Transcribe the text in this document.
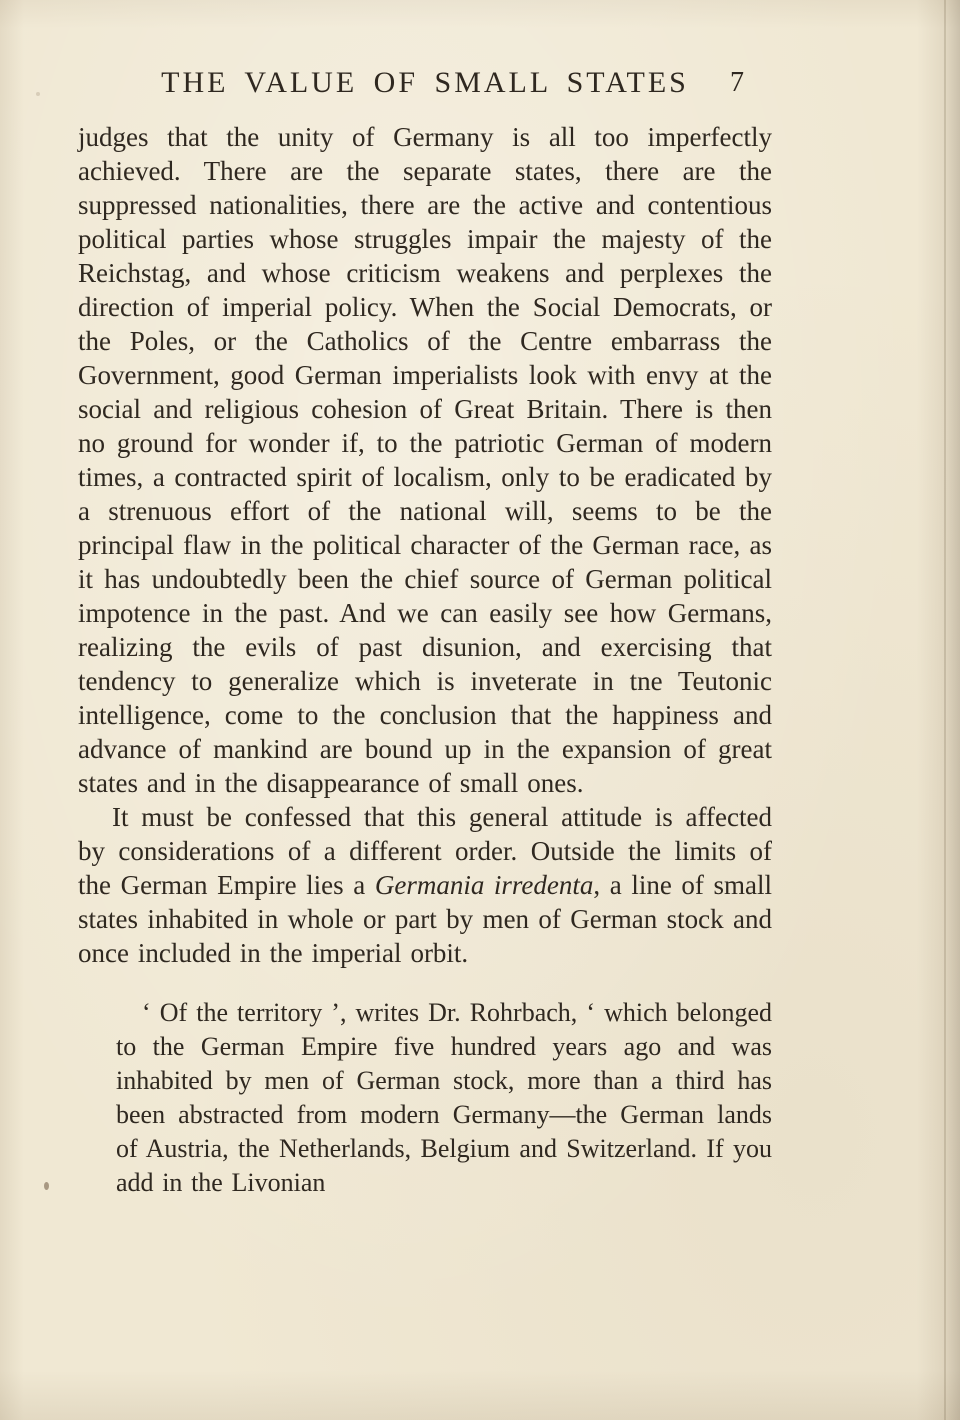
THE VALUE OF SMALL STATES	7

judges that the unity of Germany is all too imperfectly achieved. There are the separate states, there are the suppressed nationalities, there are the active and contentious political parties whose struggles impair the majesty of the Reichstag, and whose criticism weakens and perplexes the direction of imperial policy. When the Social Democrats, or the Poles, or the Catholics of the Centre embarrass the Government, good German imperialists look with envy at the social and religious cohesion of Great Britain. There is then no ground for wonder if, to the patriotic German of modern times, a contracted spirit of localism, only to be eradicated by a strenuous effort of the national will, seems to be the principal flaw in the political character of the German race, as it has undoubtedly been the chief source of German political impotence in the past. And we can easily see how Germans, realizing the evils of past disunion, and exercising that tendency to generalize which is inveterate in tne Teutonic intelligence, come to the conclusion that the happiness and advance of mankind are bound up in the expansion of great states and in the disappearance of small ones.

It must be confessed that this general attitude is affected by considerations of a different order. Outside the limits of the German Empire lies a Germania irredenta, a line of small states inhabited in whole or part by men of German stock and once included in the imperial orbit.

‘ Of the territory ’, writes Dr. Rohrbach, ‘ which belonged to the German Empire five hundred years ago and was inhabited by men of German stock, more than a third has been abstracted from modern Germany—the German lands of Austria, the Netherlands, Belgium and Switzerland. If you add in the Livonian
